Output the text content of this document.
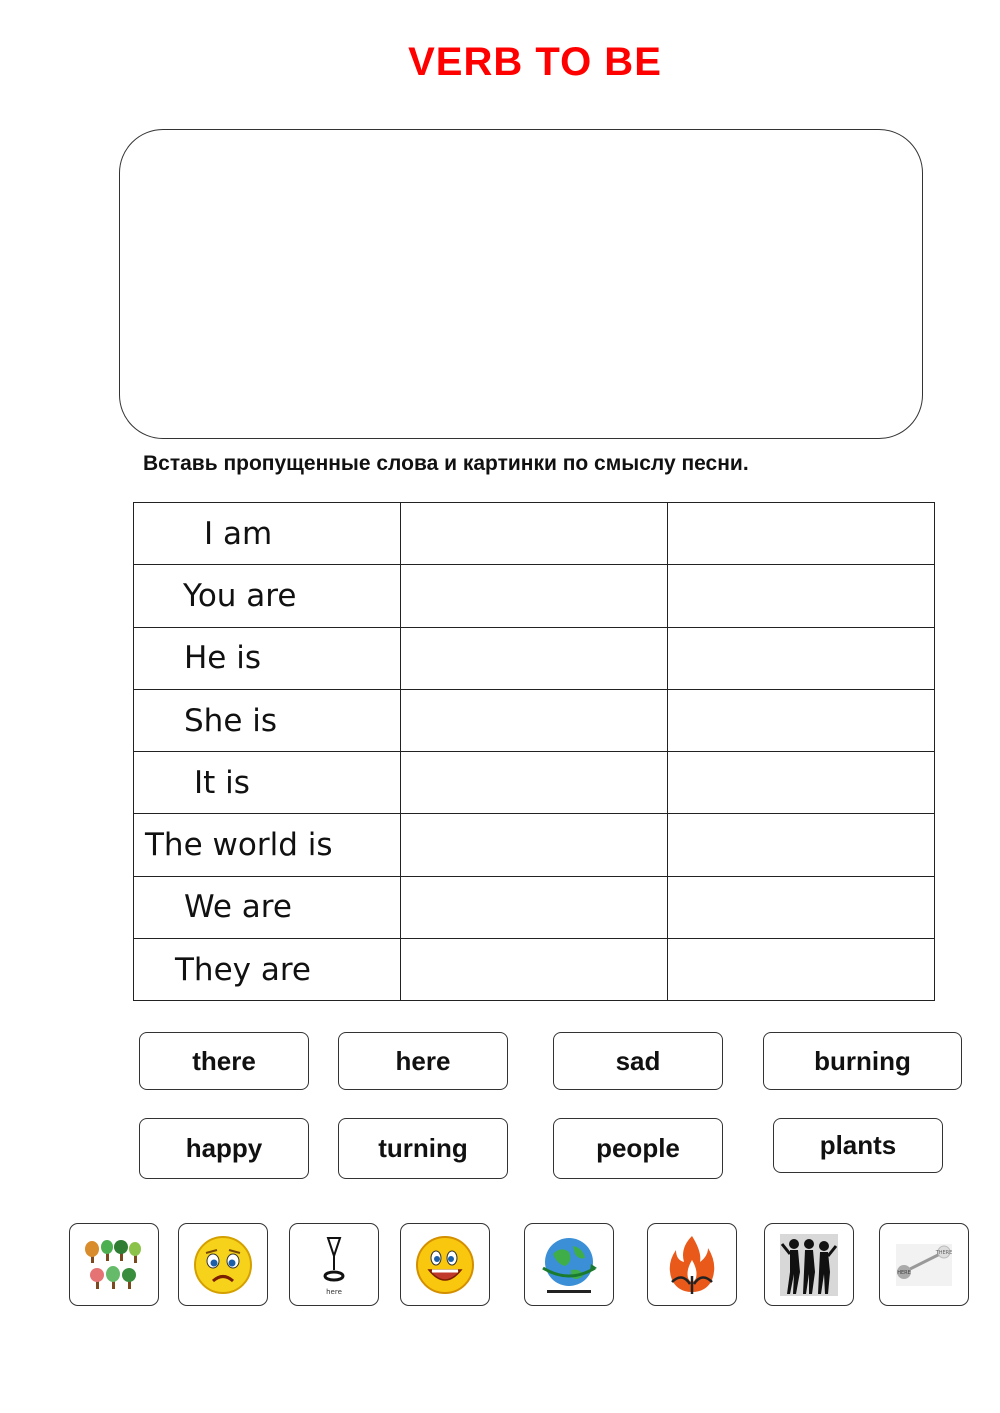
VERB TO BE
Вставь пропущенные слова и картинки по смыслу песни.
I am		

You are		

He is		

She is		

It is		

The world is		

We are		

They are		

there	here	sad	burning
happy	turning	people	plants
here
HERE
THERE
